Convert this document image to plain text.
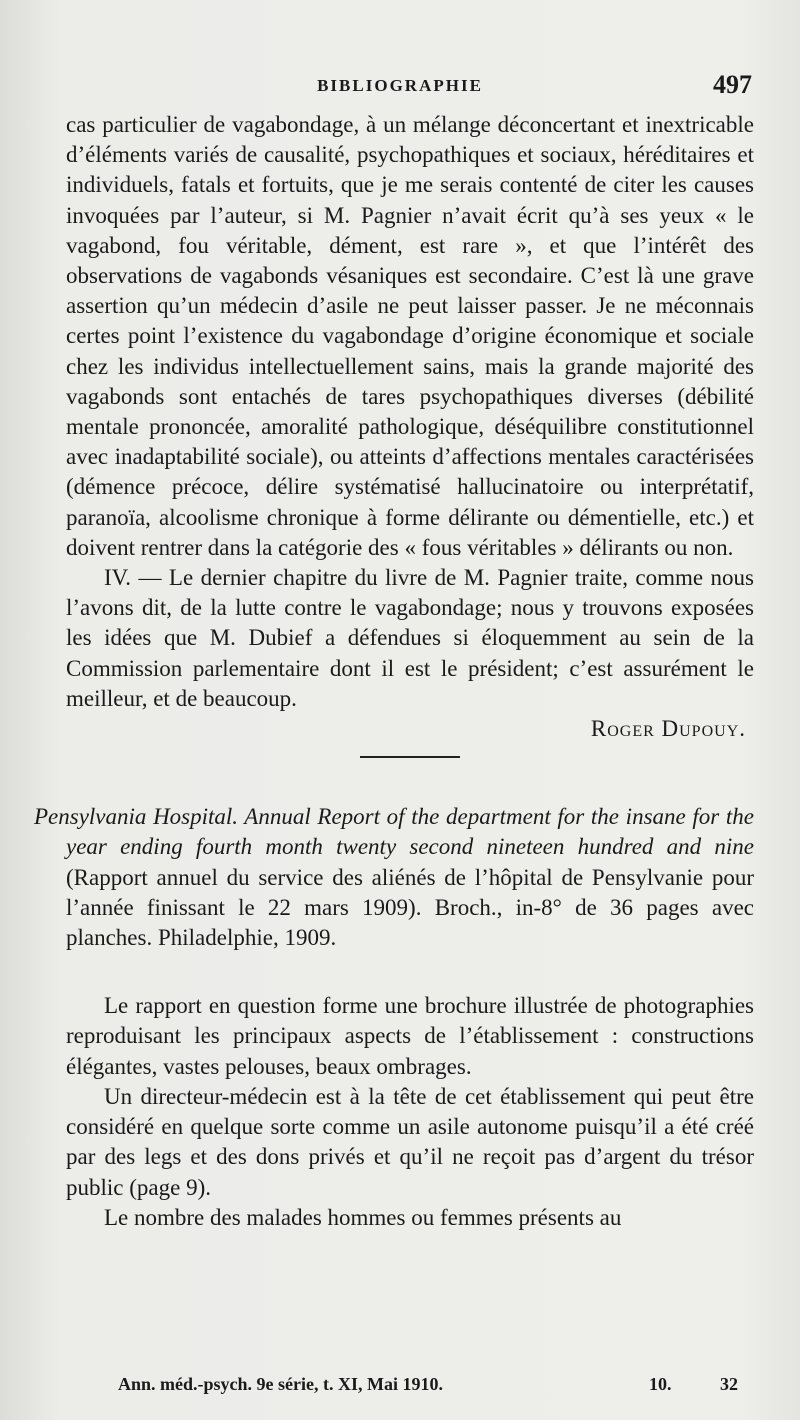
BIBLIOGRAPHIE	497

cas particulier de vagabondage, à un mélange déconcertant et inextricable d’éléments variés de causalité, psychopathiques et sociaux, héréditaires et individuels, fatals et fortuits, que je me serais contenté de citer les causes invoquées par l’auteur, si M. Pagnier n’avait écrit qu’à ses yeux « le vagabond, fou véritable, dément, est rare », et que l’intérêt des observations de vagabonds vésaniques est secondaire. C’est là une grave assertion qu’un médecin d’asile ne peut laisser passer. Je ne méconnais certes point l’existence du vagabondage d’origine économique et sociale chez les individus intellectuellement sains, mais la grande majorité des vagabonds sont entachés de tares psychopathiques diverses (débilité mentale prononcée, amoralité pathologique, déséquilibre constitutionnel avec inadaptabilité sociale), ou atteints d’affections mentales caractérisées (démence précoce, délire systématisé hallucinatoire ou interprétatif, paranoïa, alcoolisme chronique à forme délirante ou démentielle, etc.) et doivent rentrer dans la catégorie des « fous véritables » délirants ou non.

IV. — Le dernier chapitre du livre de M. Pagnier traite, comme nous l’avons dit, de la lutte contre le vagabondage; nous y trouvons exposées les idées que M. Dubief a défendues si éloquemment au sein de la Commission parlementaire dont il est le président; c’est assurément le meilleur, et de beaucoup.

Roger Dupouy.

Pensylvania Hospital. Annual Report of the department for the insane for the year ending fourth month twenty second nineteen hundred and nine (Rapport annuel du service des aliénés de l’hôpital de Pensylvanie pour l’année finissant le 22 mars 1909). Broch., in-8° de 36 pages avec planches. Philadelphie, 1909.

Le rapport en question forme une brochure illustrée de photographies reproduisant les principaux aspects de l’établissement : constructions élégantes, vastes pelouses, beaux ombrages.

Un directeur-médecin est à la tête de cet établissement qui peut être considéré en quelque sorte comme un asile autonome puisqu’il a été créé par des legs et des dons privés et qu’il ne reçoit pas d’argent du trésor public (page 9).

Le nombre des malades hommes ou femmes présents au

Ann. méd.-psych. 9e série, t. XI, Mai 1910.	10.	32
